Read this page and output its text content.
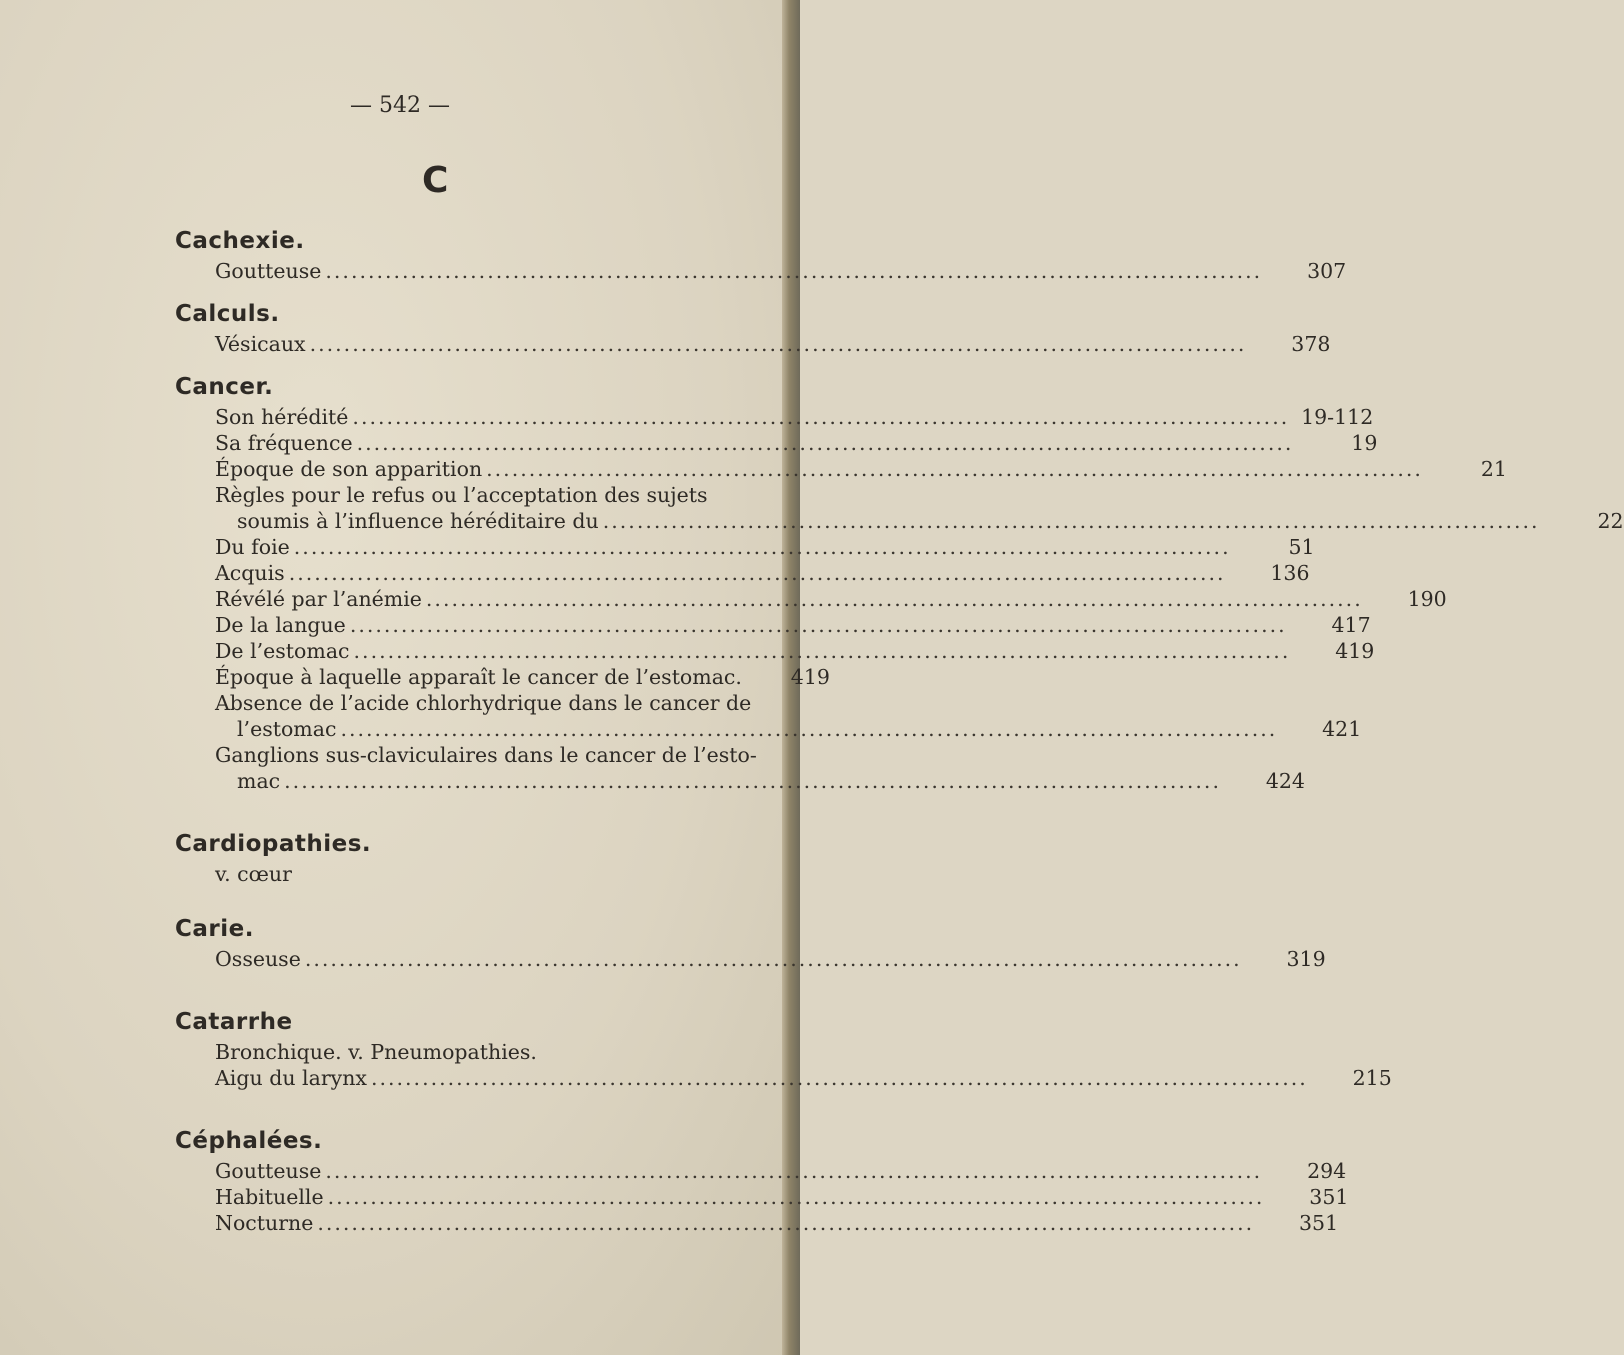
— 542 —
C
Cachexie.
Goutteuse .....	307
Calculs.
Vésicaux .....	378
Cancer.
Son hérédité .....	19-112
Sa fréquence .....	19
Époque de son apparition .....	21
Règles pour le refus ou l’acceptation des sujets
soumis à l’influence héréditaire du .....	22
Du foie .....	51
Acquis .....	136
Révélé par l’anémie .....	190
De la langue .....	417
De l’estomac .....	419
Époque à laquelle apparaît le cancer de l’estomac.	419
Absence de l’acide chlorhydrique dans le cancer de
l’estomac .....	421
Ganglions sus-claviculaires dans le cancer de l’esto-
mac .....	424
Cardiopathies.
v. cœur
Carie.
Osseuse .....	319
Catarrhe
Bronchique. v. Pneumopathies.
Aigu du larynx .....	215
Céphalées.
Goutteuse .....	294
Habituelle .....	351
Nocturne .....	351
